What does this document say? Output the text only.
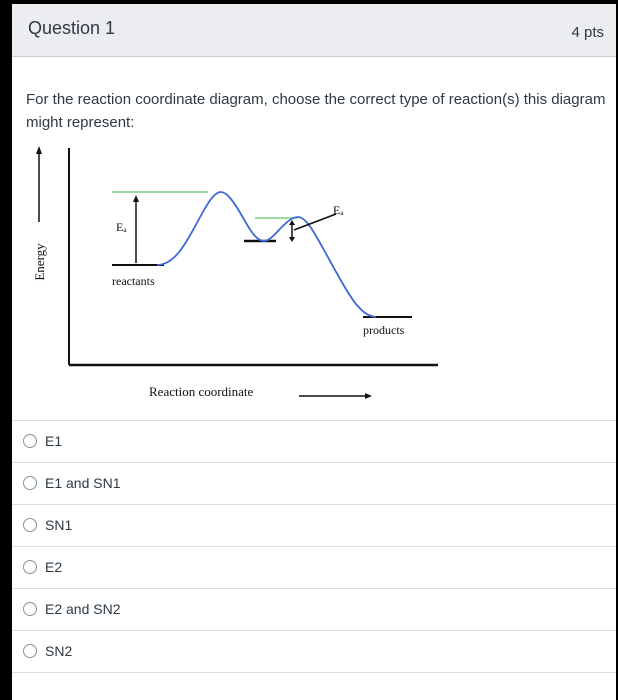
Question 1	4 pts
For the reaction coordinate diagram, choose the correct type of reaction(s) this diagram might represent:
Energy
Eₐ
Eₐ
reactants
products
Reaction coordinate
E1
E1 and SN1
SN1
E2
E2 and SN2
SN2
